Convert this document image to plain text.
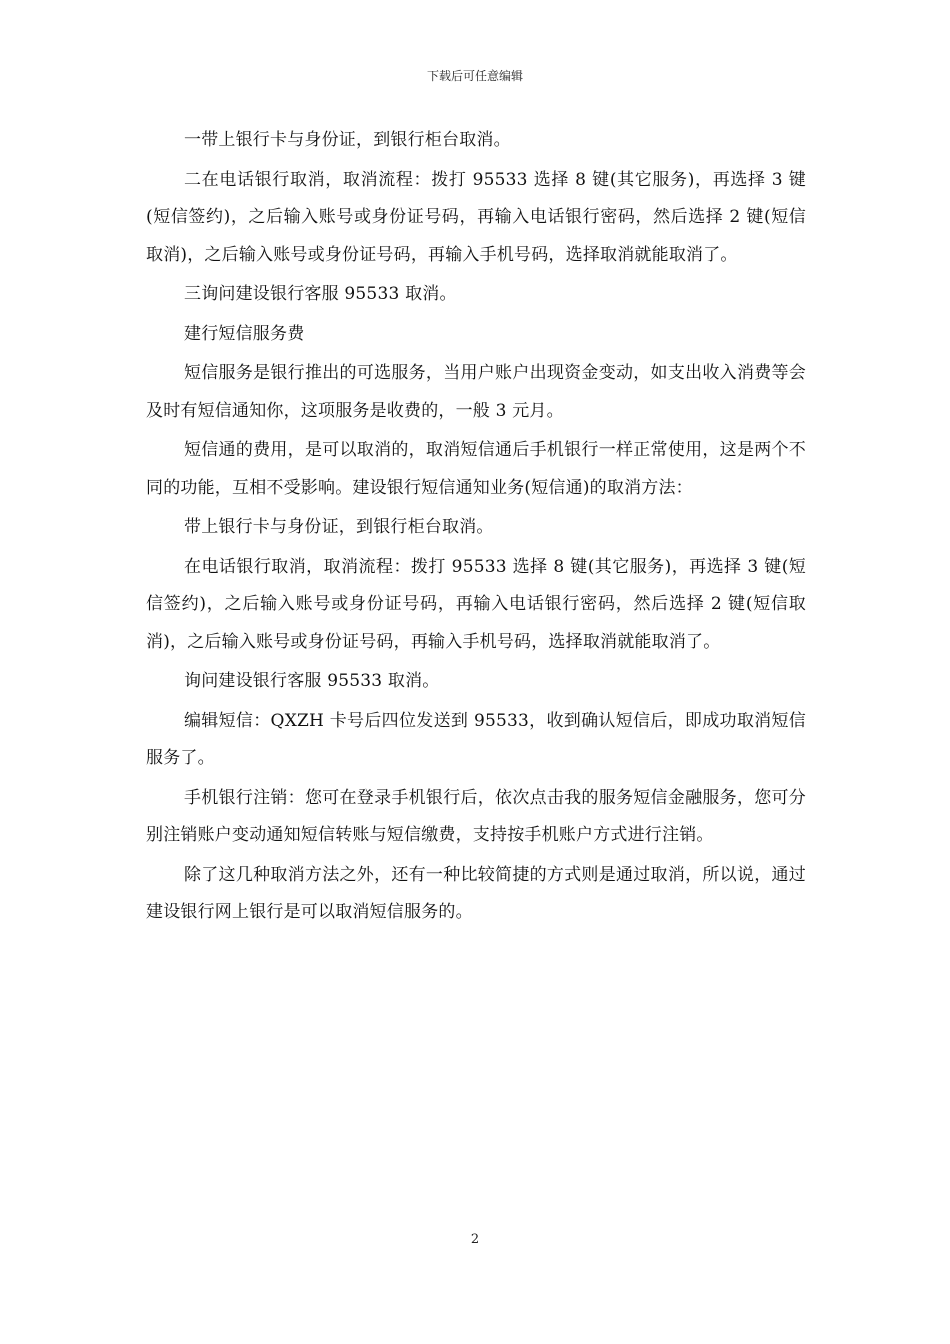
下载后可任意编辑

一带上银行卡与身份证，到银行柜台取消。

二在电话银行取消，取消流程：拨打 95533 选择 8 键(其它服务)，再选择 3 键(短信签约)，之后输入账号或身份证号码，再输入电话银行密码，然后选择 2 键(短信取消)，之后输入账号或身份证号码，再输入手机号码，选择取消就能取消了。

三询问建设银行客服 95533 取消。

建行短信服务费

短信服务是银行推出的可选服务，当用户账户出现资金变动，如支出收入消费等会及时有短信通知你，这项服务是收费的，一般 3 元月。

短信通的费用，是可以取消的，取消短信通后手机银行一样正常使用，这是两个不同的功能，互相不受影响。建设银行短信通知业务(短信通)的取消方法：

带上银行卡与身份证，到银行柜台取消。

在电话银行取消，取消流程：拨打 95533 选择 8 键(其它服务)，再选择 3 键(短信签约)，之后输入账号或身份证号码，再输入电话银行密码，然后选择 2 键(短信取消)，之后输入账号或身份证号码，再输入手机号码，选择取消就能取消了。

询问建设银行客服 95533 取消。

编辑短信：QXZH 卡号后四位发送到 95533，收到确认短信后，即成功取消短信服务了。

手机银行注销：您可在登录手机银行后，依次点击我的服务短信金融服务，您可分别注销账户变动通知短信转账与短信缴费，支持按手机账户方式进行注销。

除了这几种取消方法之外，还有一种比较简捷的方式则是通过取消，所以说，通过建设银行网上银行是可以取消短信服务的。

2
